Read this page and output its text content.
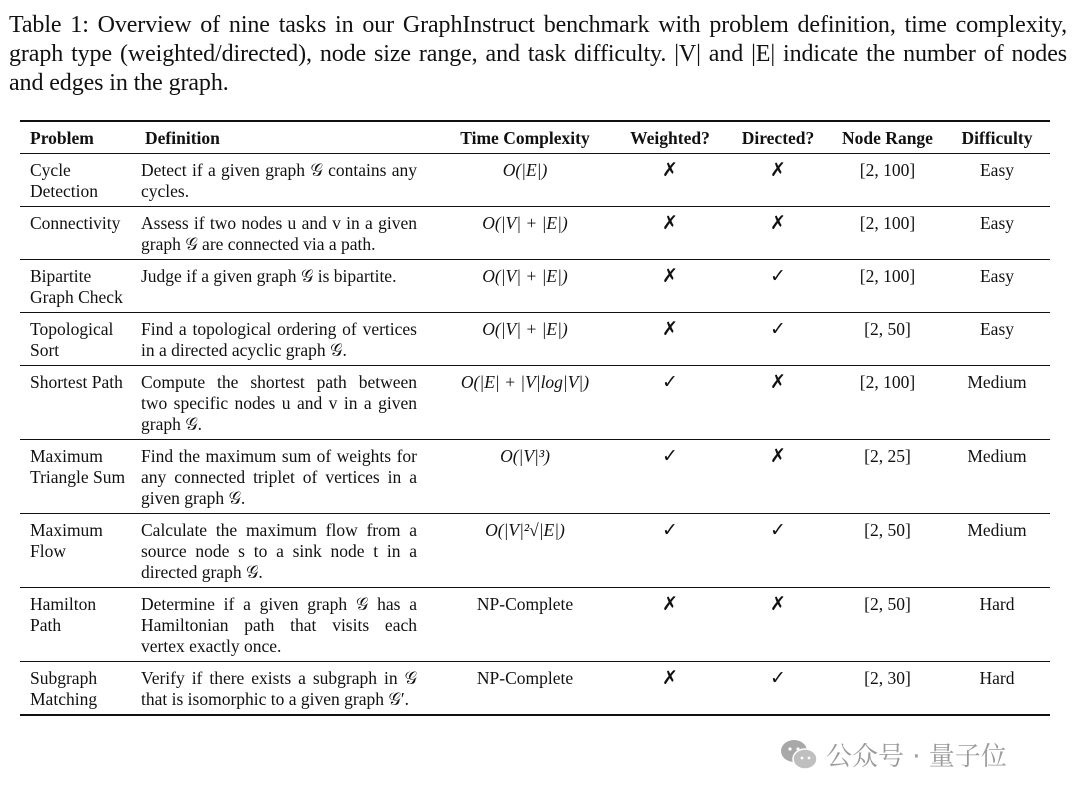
Table 1: Overview of nine tasks in our GraphInstruct benchmark with problem definition, time complexity, graph type (weighted/directed), node size range, and task difficulty. |V| and |E| indicate the number of nodes and edges in the graph.
Problem	Definition	Time Complexity	Weighted?	Directed?	Node Range	Difficulty
Cycle Detection	Detect if a given graph 𝒢 contains any cycles.	O(|E|)	✗	✗	[2, 100]	Easy
Connectivity	Assess if two nodes u and v in a given graph 𝒢 are connected via a path.	O(|V| + |E|)	✗	✗	[2, 100]	Easy
Bipartite Graph Check	Judge if a given graph 𝒢 is bipartite.	O(|V| + |E|)	✗	✓	[2, 100]	Easy
Topological Sort	Find a topological ordering of vertices in a directed acyclic graph 𝒢.	O(|V| + |E|)	✗	✓	[2, 50]	Easy
Shortest Path	Compute the shortest path between two specific nodes u and v in a given graph 𝒢.	O(|E| + |V|log|V|)	✓	✗	[2, 100]	Medium
Maximum Triangle Sum	Find the maximum sum of weights for any connected triplet of vertices in a given graph 𝒢.	O(|V|³)	✓	✗	[2, 25]	Medium
Maximum Flow	Calculate the maximum flow from a source node s to a sink node t in a directed graph 𝒢.	O(|V|²√|E|)	✓	✓	[2, 50]	Medium
Hamilton Path	Determine if a given graph 𝒢 has a Hamiltonian path that visits each vertex exactly once.	NP-Complete	✗	✗	[2, 50]	Hard
Subgraph Matching	Verify if there exists a subgraph in 𝒢 that is isomorphic to a given graph 𝒢′.	NP-Complete	✗	✓	[2, 30]	Hard
公众号 · 量子位
